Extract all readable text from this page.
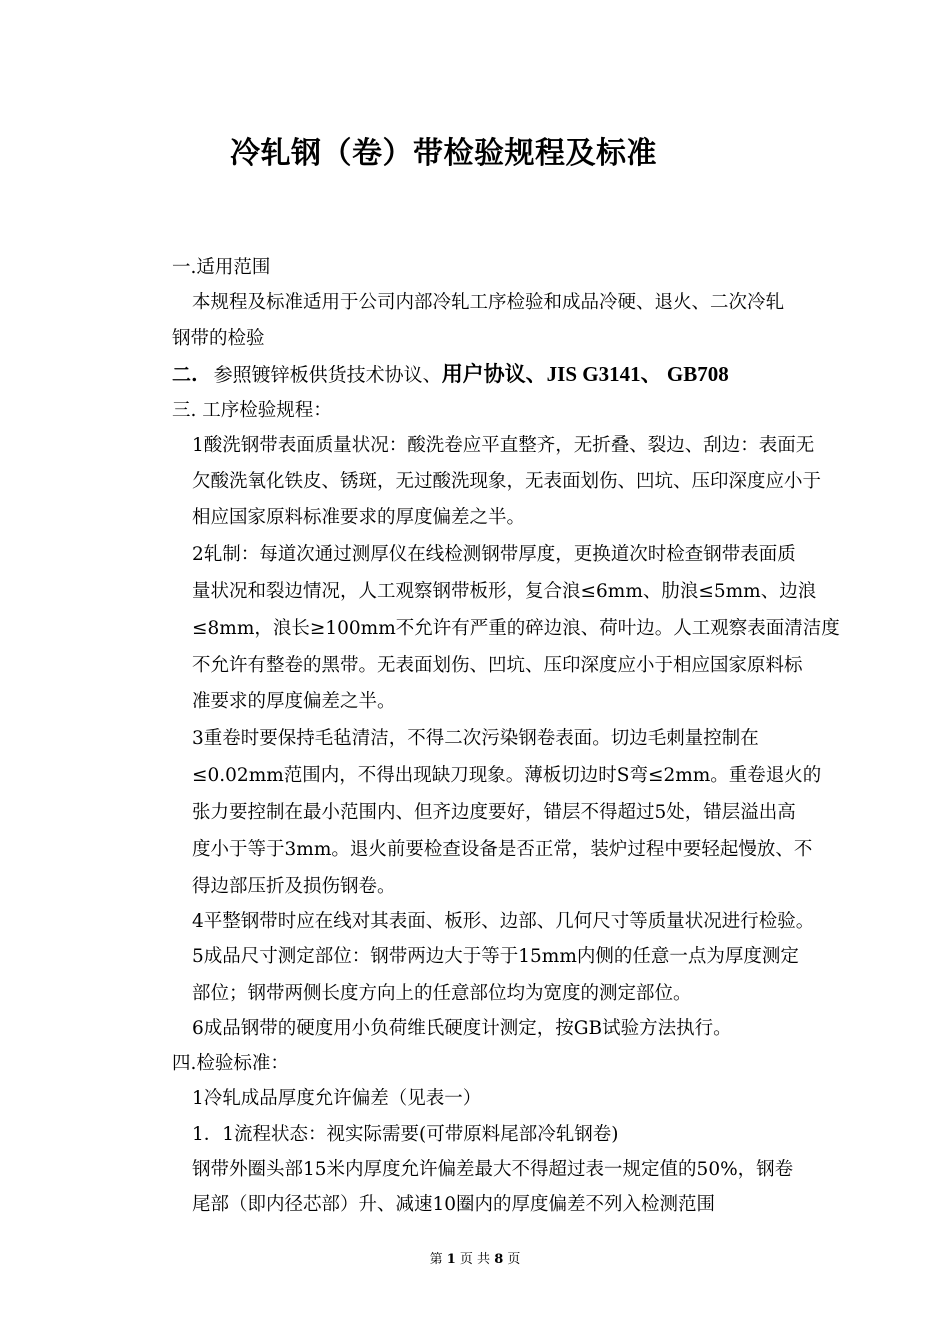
冷轧钢（卷）带检验规程及标准
一.适用范围
本规程及标准适用于公司内部冷轧工序检验和成品冷硬、退火、二次冷轧
钢带的检验
二. 参照镀锌板供货技术协议、用户协议、JIS G3141、 GB708
三. 工序检验规程：
1酸洗钢带表面质量状况：酸洗卷应平直整齐，无折叠、裂边、刮边：表面无
欠酸洗氧化铁皮、锈斑，无过酸洗现象，无表面划伤、凹坑、压印深度应小于
相应国家原料标准要求的厚度偏差之半。
2轧制：每道次通过测厚仪在线检测钢带厚度，更换道次时检查钢带表面质
量状况和裂边情况，人工观察钢带板形，复合浪≤6mm、肋浪≤5mm、边浪
≤8mm，浪长≥100mm不允许有严重的碎边浪、荷叶边。人工观察表面清洁度
不允许有整卷的黑带。无表面划伤、凹坑、压印深度应小于相应国家原料标
准要求的厚度偏差之半。
3重卷时要保持毛毡清洁，不得二次污染钢卷表面。切边毛刺量控制在
≤0.02mm范围内，不得出现缺刀现象。薄板切边时S弯≤2mm。重卷退火的
张力要控制在最小范围内、但齐边度要好，错层不得超过5处，错层溢出高
度小于等于3mm。退火前要检查设备是否正常，装炉过程中要轻起慢放、不
得边部压折及损伤钢卷。
4平整钢带时应在线对其表面、板形、边部、几何尺寸等质量状况进行检验。
5成品尺寸测定部位：钢带两边大于等于15mm内侧的任意一点为厚度测定
部位；钢带两侧长度方向上的任意部位均为宽度的测定部位。
6成品钢带的硬度用小负荷维氏硬度计测定，按GB试验方法执行。
四.检验标准：
1冷轧成品厚度允许偏差（见表一）
1．1流程状态：视实际需要(可带原料尾部冷轧钢卷)
钢带外圈头部15米内厚度允许偏差最大不得超过表一规定值的50%，钢卷
尾部（即内径芯部）升、减速10圈内的厚度偏差不列入检测范围
第 1 页 共 8 页
